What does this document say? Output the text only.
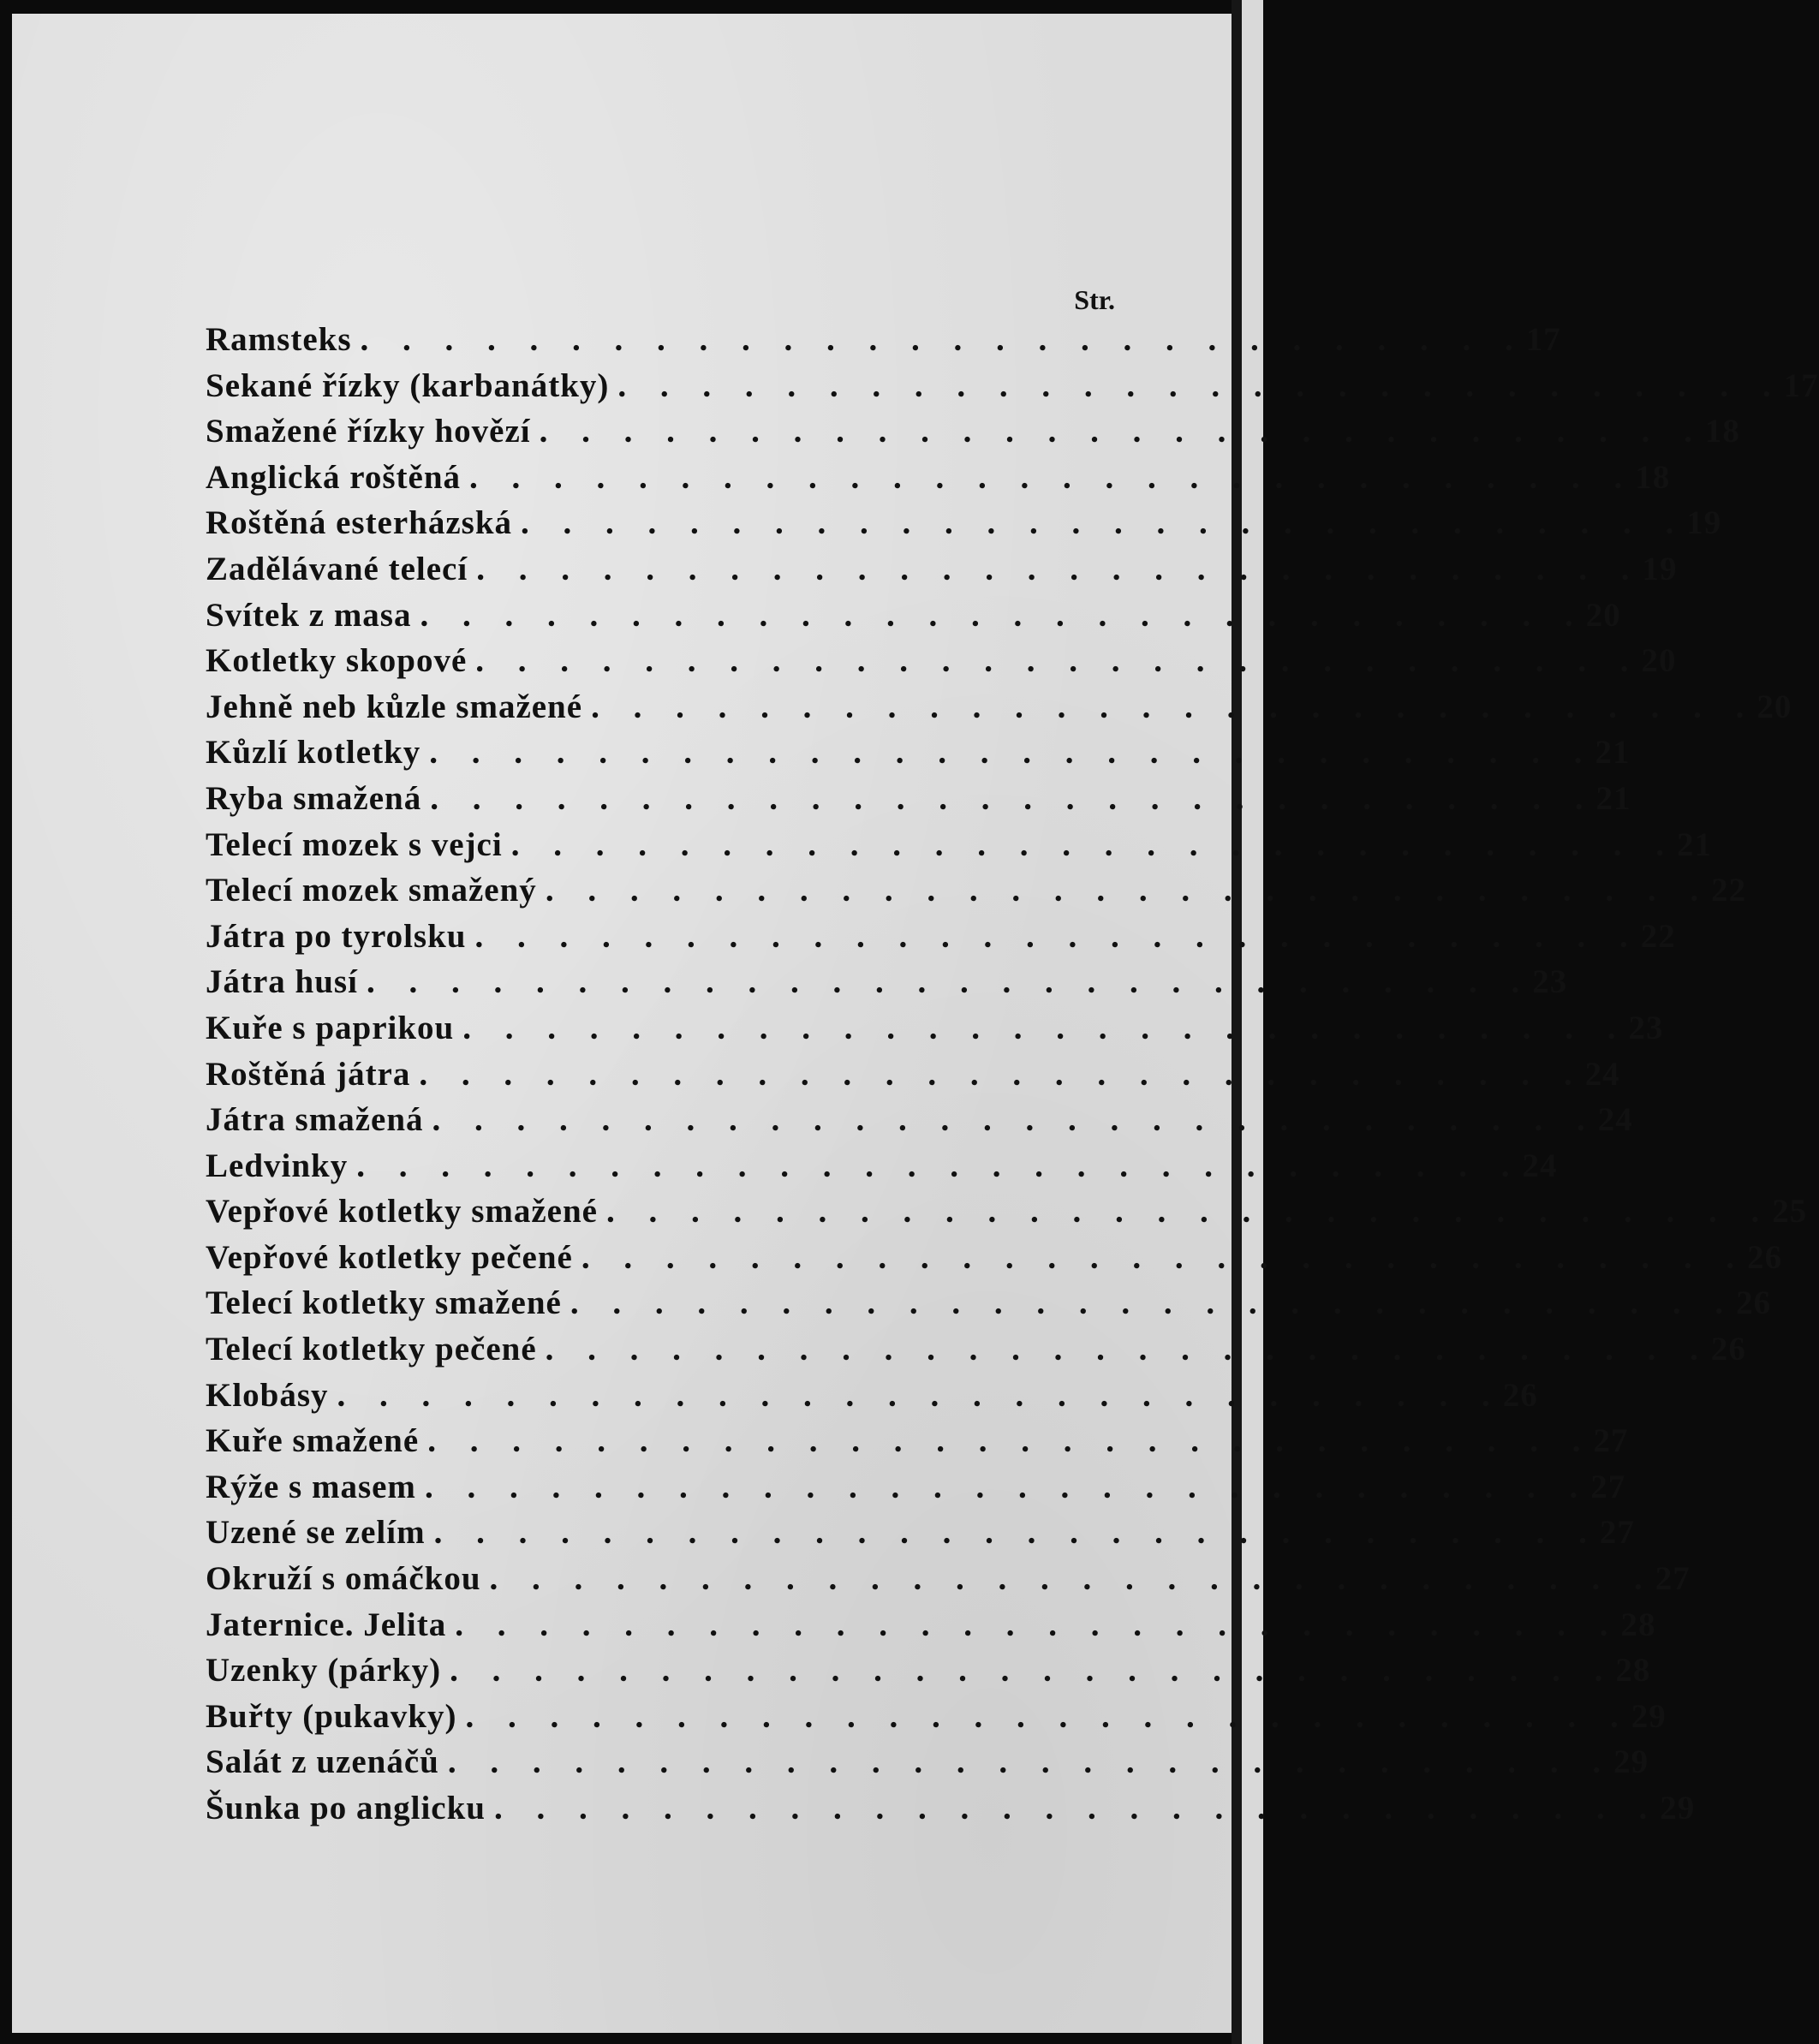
Str.
Ramsteks . . . . . . . . . . . . . . . . . . . . . . . . . . . . 17
Sekané řízky (karbanátky) . . . . . . . . . . . . . . . . . . . . . . . . . . . . 17
Smažené řízky hovězí . . . . . . . . . . . . . . . . . . . . . . . . . . . . 18
Anglická roštěná . . . . . . . . . . . . . . . . . . . . . . . . . . . . 18
Roštěná esterházská . . . . . . . . . . . . . . . . . . . . . . . . . . . . 19
Zadělávané telecí . . . . . . . . . . . . . . . . . . . . . . . . . . . . 19
Svítek z masa . . . . . . . . . . . . . . . . . . . . . . . . . . . . 20
Kotletky skopové . . . . . . . . . . . . . . . . . . . . . . . . . . . . 20
Jehně neb kůzle smažené . . . . . . . . . . . . . . . . . . . . . . . . . . . . 20
Kůzlí kotletky . . . . . . . . . . . . . . . . . . . . . . . . . . . . 21
Ryba smažená . . . . . . . . . . . . . . . . . . . . . . . . . . . . 21
Telecí mozek s vejci . . . . . . . . . . . . . . . . . . . . . . . . . . . . 21
Telecí mozek smažený . . . . . . . . . . . . . . . . . . . . . . . . . . . . 22
Játra po tyrolsku . . . . . . . . . . . . . . . . . . . . . . . . . . . . 22
Játra husí . . . . . . . . . . . . . . . . . . . . . . . . . . . . 23
Kuře s paprikou . . . . . . . . . . . . . . . . . . . . . . . . . . . . 23
Roštěná játra . . . . . . . . . . . . . . . . . . . . . . . . . . . . 24
Játra smažená . . . . . . . . . . . . . . . . . . . . . . . . . . . . 24
Ledvinky . . . . . . . . . . . . . . . . . . . . . . . . . . . . 24
Vepřové kotletky smažené . . . . . . . . . . . . . . . . . . . . . . . . . . . . 25
Vepřové kotletky pečené . . . . . . . . . . . . . . . . . . . . . . . . . . . . 26
Telecí kotletky smažené . . . . . . . . . . . . . . . . . . . . . . . . . . . . 26
Telecí kotletky pečené . . . . . . . . . . . . . . . . . . . . . . . . . . . . 26
Klobásy . . . . . . . . . . . . . . . . . . . . . . . . . . . . 26
Kuře smažené . . . . . . . . . . . . . . . . . . . . . . . . . . . . 27
Rýže s masem . . . . . . . . . . . . . . . . . . . . . . . . . . . . 27
Uzené se zelím . . . . . . . . . . . . . . . . . . . . . . . . . . . . 27
Okruží s omáčkou . . . . . . . . . . . . . . . . . . . . . . . . . . . . 27
Jaternice. Jelita . . . . . . . . . . . . . . . . . . . . . . . . . . . . 28
Uzenky (párky) . . . . . . . . . . . . . . . . . . . . . . . . . . . . 28
Buřty (pukavky) . . . . . . . . . . . . . . . . . . . . . . . . . . . . 29
Salát z uzenáčů . . . . . . . . . . . . . . . . . . . . . . . . . . . . 29
Šunka po anglicku . . . . . . . . . . . . . . . . . . . . . . . . . . . . 29
